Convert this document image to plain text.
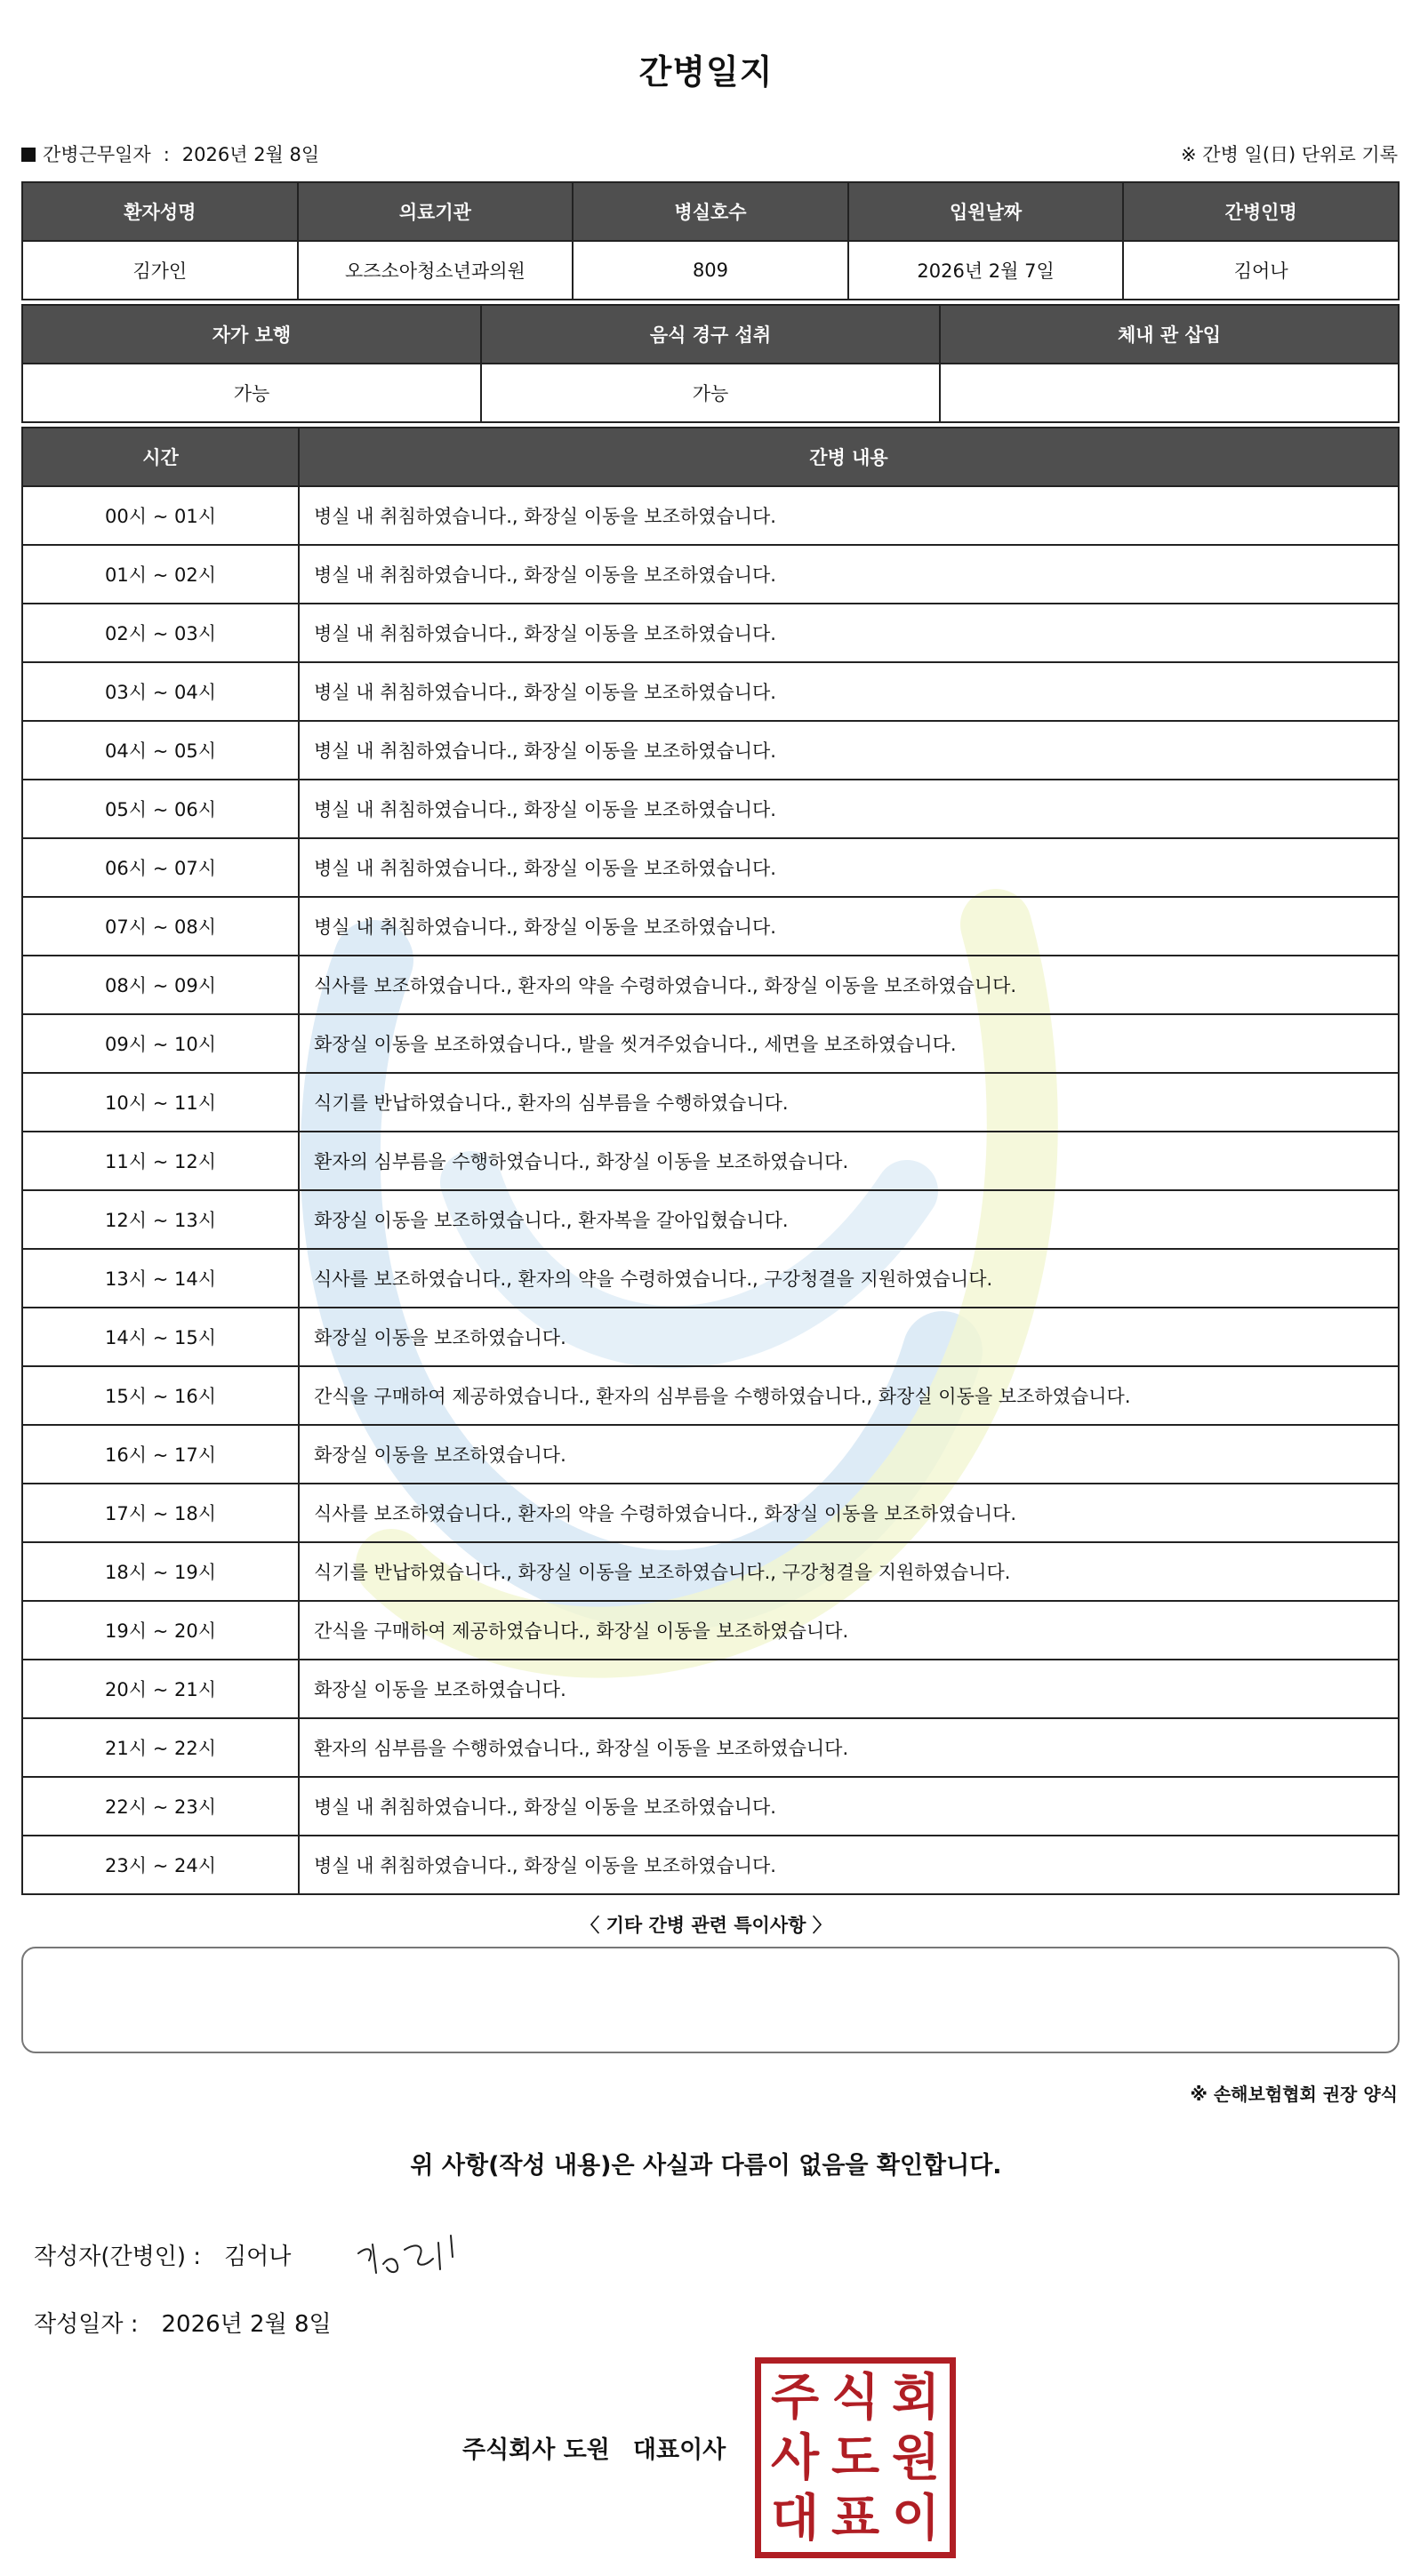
간병일지
간병근무일자 : 2026년 2월 8일	※ 간병 일(日) 단위로 기록
환자성명	의료기관	병실호수	입원날짜	간병인명
김가인	오즈소아청소년과의원	809	2026년 2월 7일	김어나
자가 보행	음식 경구 섭취	체내 관 삽입
가능	가능	
시간	간병 내용
00시 ~ 01시	병실 내 취침하였습니다., 화장실 이동을 보조하였습니다.
01시 ~ 02시	병실 내 취침하였습니다., 화장실 이동을 보조하였습니다.
02시 ~ 03시	병실 내 취침하였습니다., 화장실 이동을 보조하였습니다.
03시 ~ 04시	병실 내 취침하였습니다., 화장실 이동을 보조하였습니다.
04시 ~ 05시	병실 내 취침하였습니다., 화장실 이동을 보조하였습니다.
05시 ~ 06시	병실 내 취침하였습니다., 화장실 이동을 보조하였습니다.
06시 ~ 07시	병실 내 취침하였습니다., 화장실 이동을 보조하였습니다.
07시 ~ 08시	병실 내 취침하였습니다., 화장실 이동을 보조하였습니다.
08시 ~ 09시	식사를 보조하였습니다., 환자의 약을 수령하였습니다., 화장실 이동을 보조하였습니다.
09시 ~ 10시	화장실 이동을 보조하였습니다., 발을 씻겨주었습니다., 세면을 보조하였습니다.
10시 ~ 11시	식기를 반납하였습니다., 환자의 심부름을 수행하였습니다.
11시 ~ 12시	환자의 심부름을 수행하였습니다., 화장실 이동을 보조하였습니다.
12시 ~ 13시	화장실 이동을 보조하였습니다., 환자복을 갈아입혔습니다.
13시 ~ 14시	식사를 보조하였습니다., 환자의 약을 수령하였습니다., 구강청결을 지원하였습니다.
14시 ~ 15시	화장실 이동을 보조하였습니다.
15시 ~ 16시	간식을 구매하여 제공하였습니다., 환자의 심부름을 수행하였습니다., 화장실 이동을 보조하였습니다.
16시 ~ 17시	화장실 이동을 보조하였습니다.
17시 ~ 18시	식사를 보조하였습니다., 환자의 약을 수령하였습니다., 화장실 이동을 보조하였습니다.
18시 ~ 19시	식기를 반납하였습니다., 화장실 이동을 보조하였습니다., 구강청결을 지원하였습니다.
19시 ~ 20시	간식을 구매하여 제공하였습니다., 화장실 이동을 보조하였습니다.
20시 ~ 21시	화장실 이동을 보조하였습니다.
21시 ~ 22시	환자의 심부름을 수행하였습니다., 화장실 이동을 보조하였습니다.
22시 ~ 23시	병실 내 취침하였습니다., 화장실 이동을 보조하였습니다.
23시 ~ 24시	병실 내 취침하였습니다., 화장실 이동을 보조하였습니다.
〈 기타 간병 관련 특이사항 〉
※ 손해보험협회 권장 양식
위 사항(작성 내용)은 사실과 다름이 없음을 확인합니다.
작성자(간병인) : 김어나
작성일자 : 2026년 2월 8일
주식회사 도원 대표이사
주 식 회
사 도 원
대 표 이
